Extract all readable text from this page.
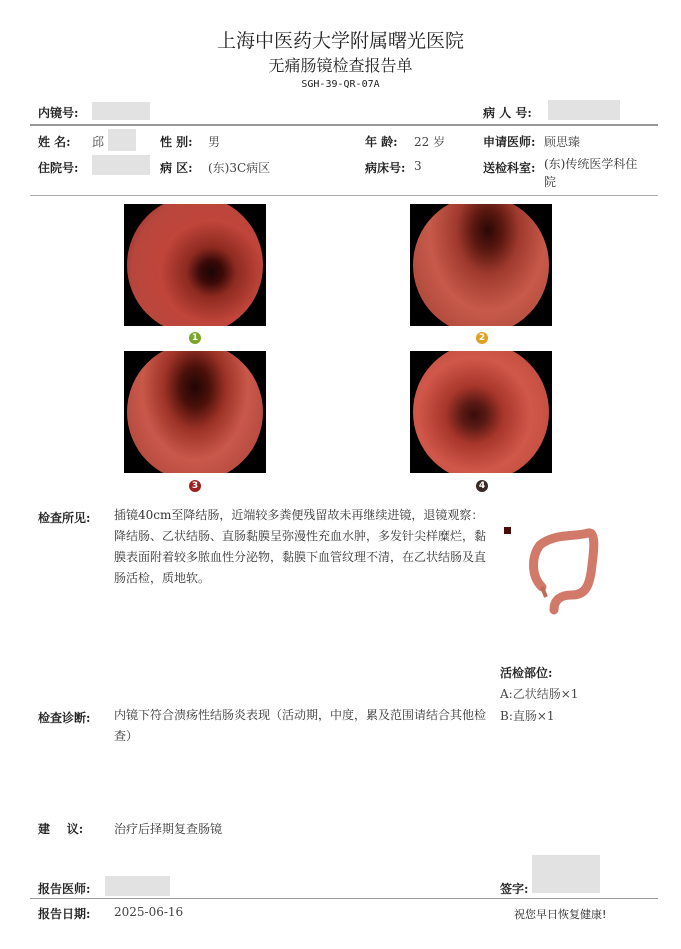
上海中医药大学附属曙光医院
无痛肠镜检查报告单
SGH-39-QR-07A
内镜号:	病 人 号:
姓 名: 邱	性 别: 男	年 龄: 22 岁	申请医师: 顾思臻
住院号:	病 区: (东)3C病区	病床号: 3	送检科室: (东)传统医学科住院
1	2
3	4
检查所见: 插镜40cm至降结肠，近端较多粪便残留故未再继续进镜，退镜观察：降结肠、乙状结肠、直肠黏膜呈弥漫性充血水肿，多发针尖样糜烂，黏膜表面附着较多脓血性分泌物，黏膜下血管纹理不清，在乙状结肠及直肠活检，质地软。
活检部位:
A:乙状结肠×1
B:直肠×1
检查诊断: 内镜下符合溃疡性结肠炎表现（活动期，中度，累及范围请结合其他检查）
建    议:	治疗后择期复查肠镜
报告医师:	签字:
报告日期: 2025-06-16	祝您早日恢复健康!
